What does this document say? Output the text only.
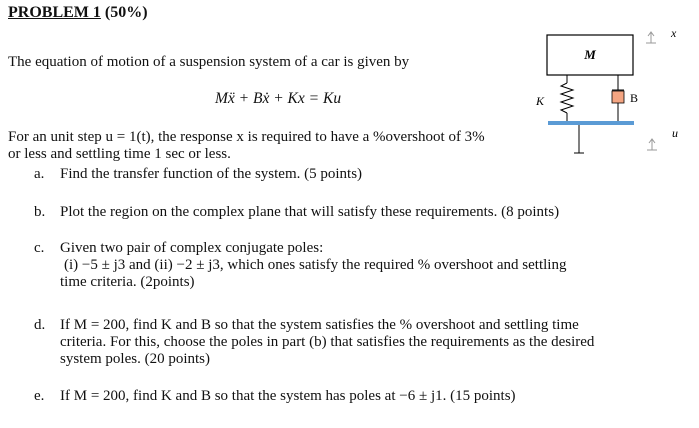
PROBLEM 1 (50%)
The equation of motion of a suspension system of a car is given by
Mẍ + Bẋ + Kx = Ku
For an unit step u = 1(t), the response x is required to have a %overshoot of 3%
or less and settling time 1 sec or less.
a. Find the transfer function of the system. (5 points)
b. Plot the region on the complex plane that will satisfy these requirements. (8 points)
c. Given two pair of complex conjugate poles:
(i) −5 ± j3 and (ii) −2 ± j3, which ones satisfy the required % overshoot and settling
time criteria. (2points)
d. If M = 200, find K and B so that the system satisfies the % overshoot and settling time
criteria. For this, choose the poles in part (b) that satisfies the requirements as the desired
system poles. (20 points)
e. If M = 200, find K and B so that the system has poles at −6 ± j1. (15 points)
M
K	B
x
u
